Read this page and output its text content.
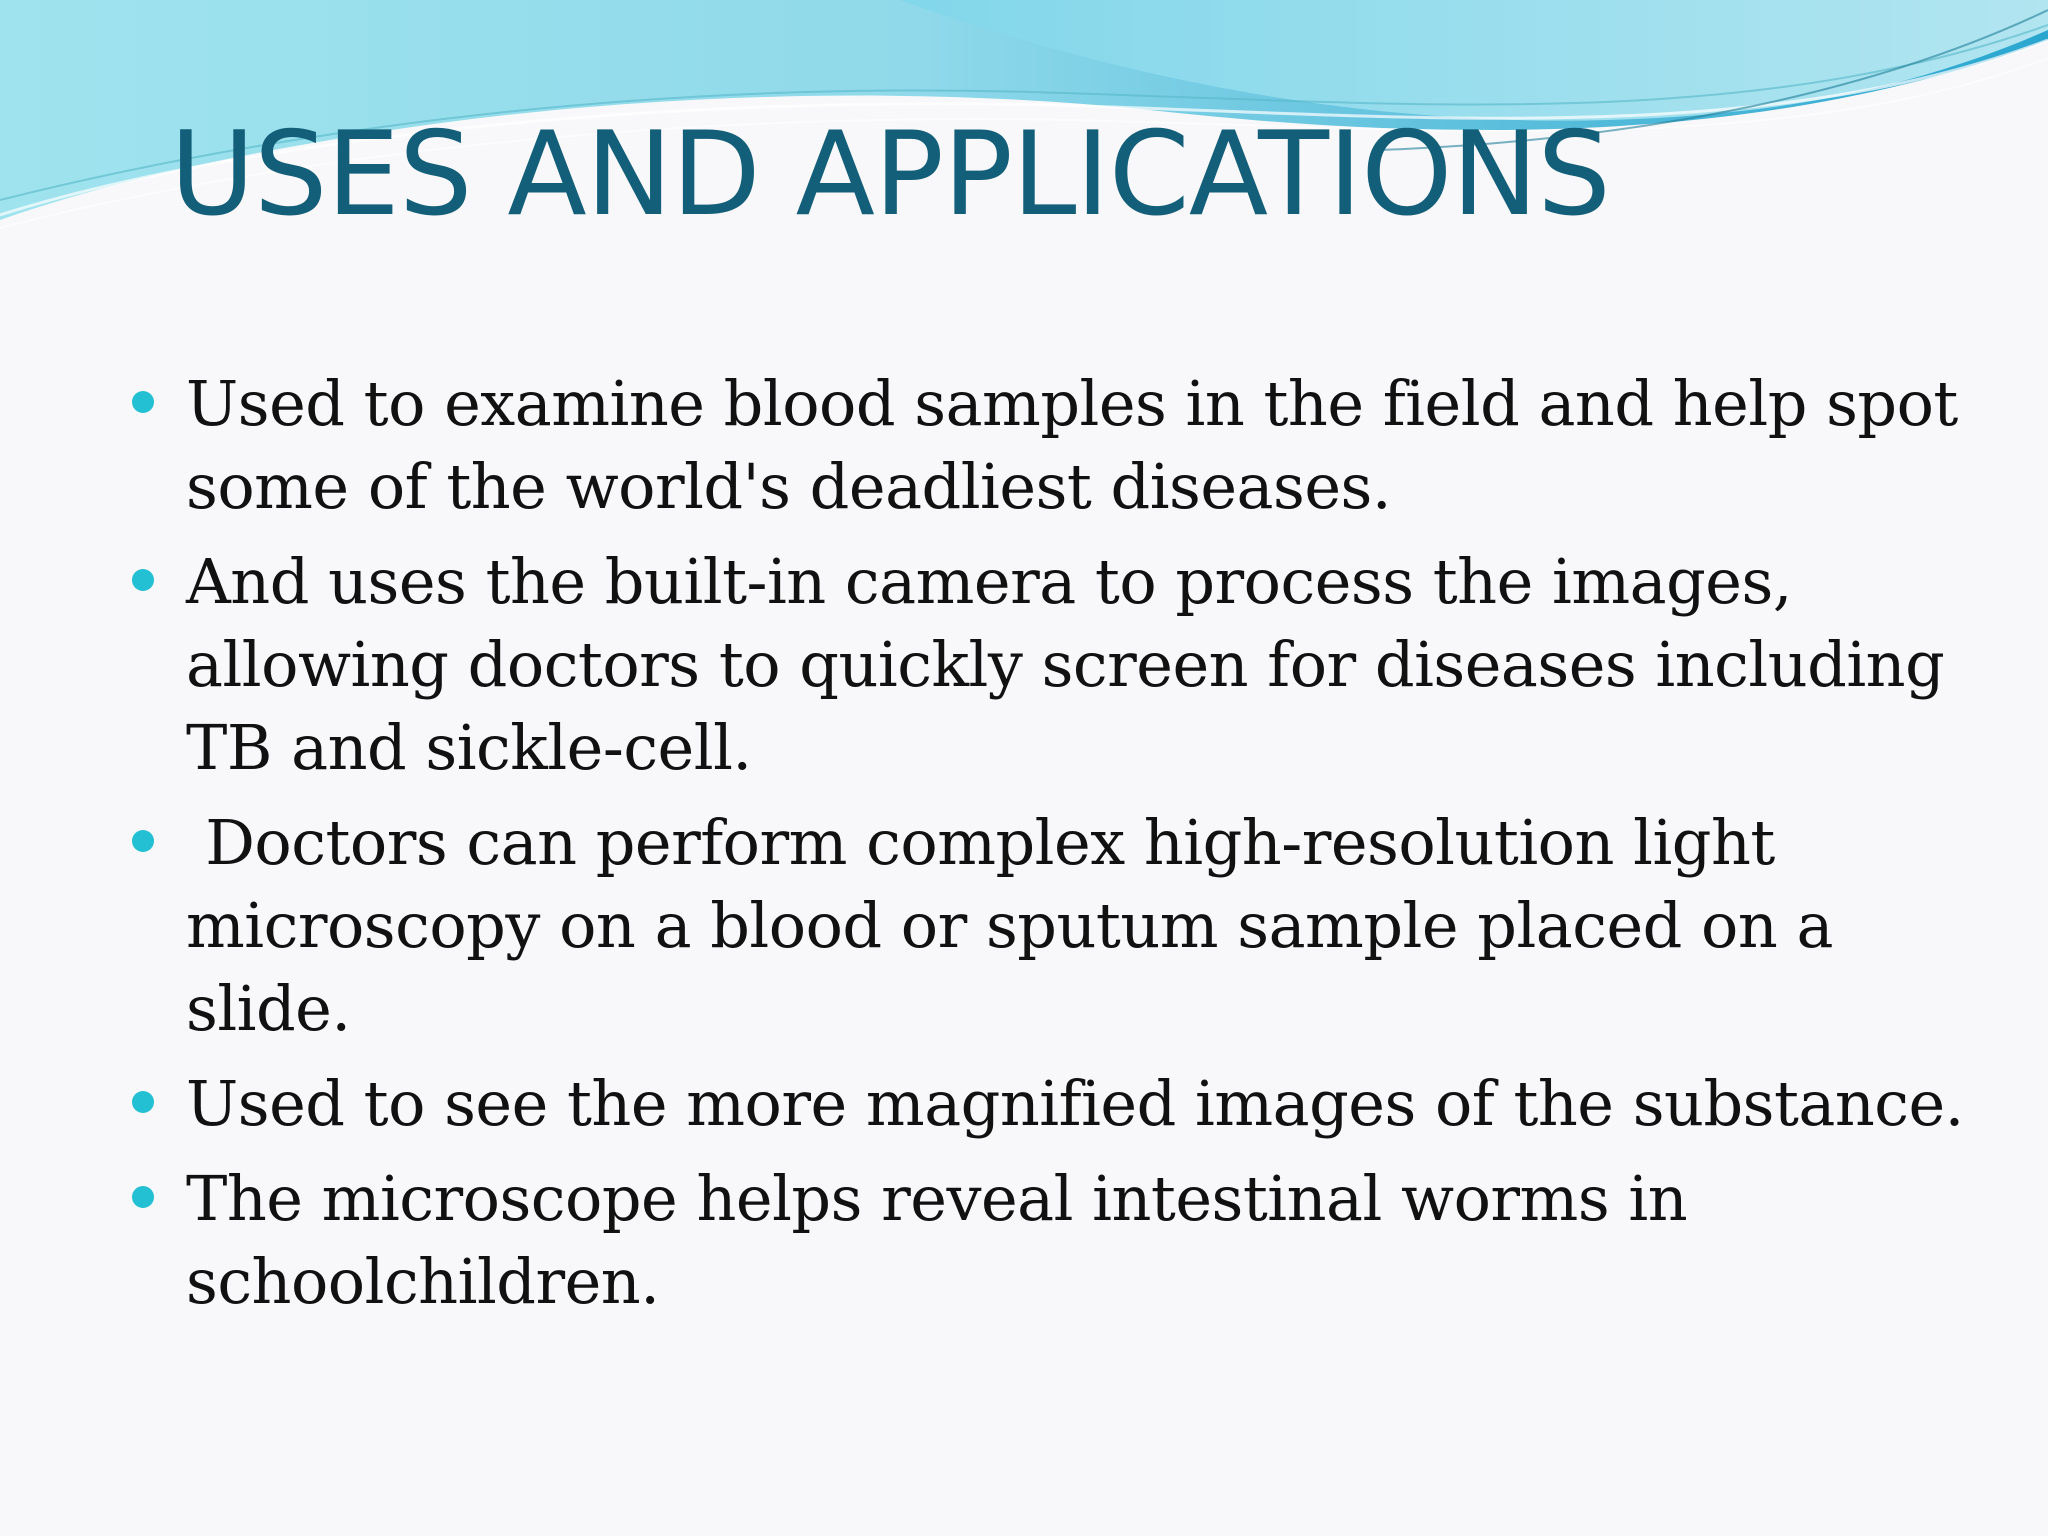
USES AND APPLICATIONS
Used to examine blood samples in the field and help spot some of the world's deadliest diseases.
And uses the built-in camera to process the images, allowing doctors to quickly screen for diseases including TB and sickle-cell.
Doctors can perform complex high-resolution light microscopy on a blood or sputum sample placed on a slide.
Used to see the more magnified images of the substance.
The microscope helps reveal intestinal worms in schoolchildren.
